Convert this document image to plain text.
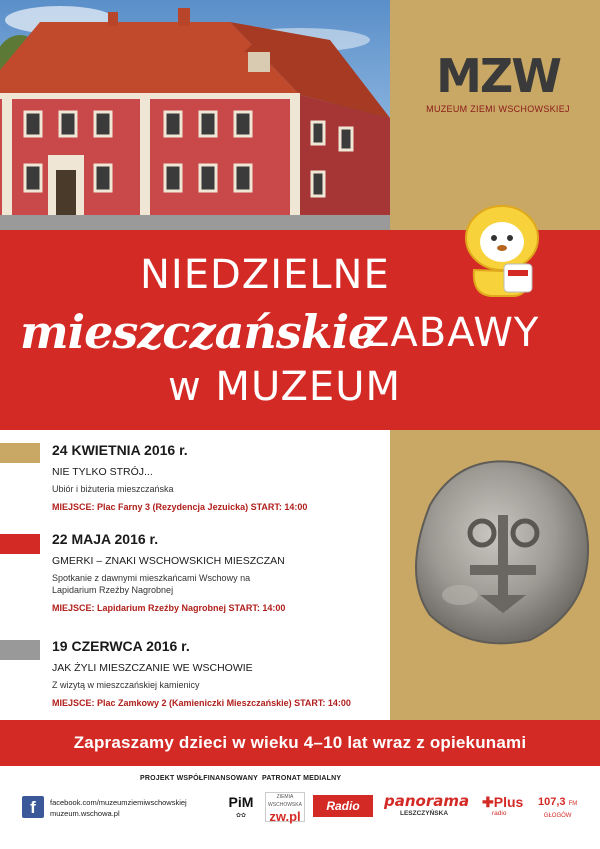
MZW
MUZEUM ZIEMI WSCHOWSKIEJ
NIEDZIELNE
mieszczańskie
ZABAWY
w MUZEUM
24 KWIETNIA 2016 r.
NIE TYLKO STRÓJ...
Ubiór i biżuteria mieszczańska
MIEJSCE: Plac Farny 3 (Rezydencja Jezuicka) START: 14:00
22 MAJA 2016 r.
GMERKI – ZNAKI WSCHOWSKICH MIESZCZAN
Spotkanie z dawnymi mieszkańcami Wschowy na Lapidarium Rzeźby Nagrobnej
MIEJSCE: Lapidarium Rzeźby Nagrobnej START: 14:00
19 CZERWCA 2016 r.
JAK ŻYLI MIESZCZANIE WE WSCHOWIE
Z wizytą w mieszczańskiej kamienicy
MIEJSCE: Plac Zamkowy 2 (Kamieniczki Mieszczańskie) START: 14:00
Zapraszamy dzieci w wieku 4–10 lat wraz z opiekunami
f	facebook.com/muzeumziemiwschowskiej
muzeum.wschowa.pl
PROJEKT WSPÓŁFINANSOWANY PATRONAT MEDIALNY
PiM
✿✿
ZIEMIA WSCHOWSKA
zw.pl
Radio Elka
panorama
LESZCZYŃSKA
✚Plus
radio
107,3 FM
GŁOGÓW
